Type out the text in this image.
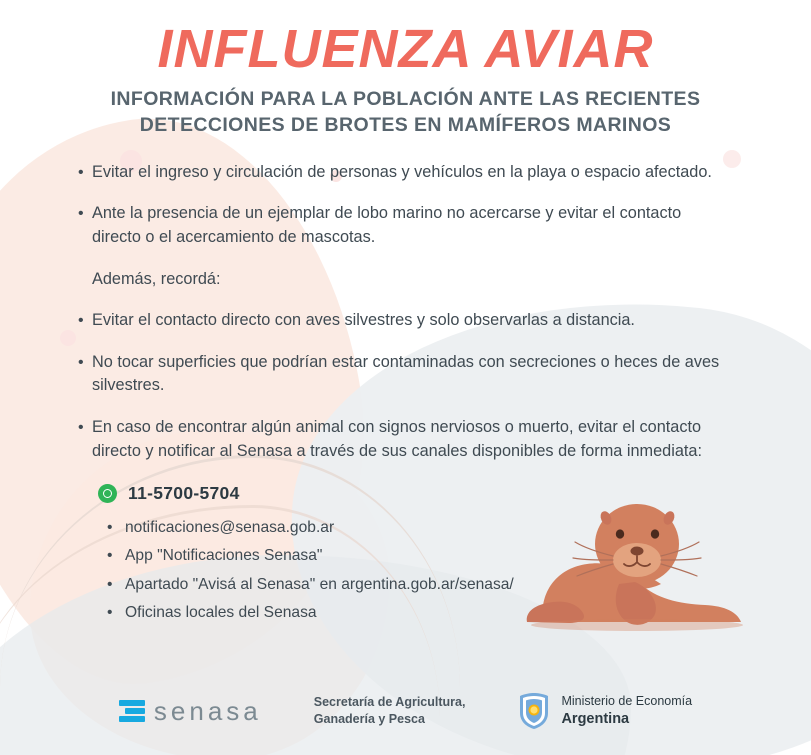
INFLUENZA AVIAR
INFORMACIÓN PARA LA POBLACIÓN ANTE LAS RECIENTES DETECCIONES DE BROTES EN MAMÍFEROS MARINOS
• Evitar el ingreso y circulación de personas y vehículos en la playa o espacio afectado.
• Ante la presencia de un ejemplar de lobo marino no acercarse y evitar el contacto directo o el acercamiento de mascotas.
Además, recordá:
• Evitar el contacto directo con aves silvestres y solo observarlas a distancia.
• No tocar superficies que podrían estar contaminadas con secreciones o heces de aves silvestres.
• En caso de encontrar algún animal con signos nerviosos o muerto, evitar el contacto directo y notificar al Senasa a través de sus canales disponibles de forma inmediata:
11-5700-5704
• notificaciones@senasa.gob.ar
• App "Notificaciones Senasa"
• Apartado "Avisá al Senasa" en argentina.gob.ar/senasa/
• Oficinas locales del Senasa
senasa	Secretaría de Agricultura,
Ganadería y Pesca
Ministerio de Economía
Argentina
